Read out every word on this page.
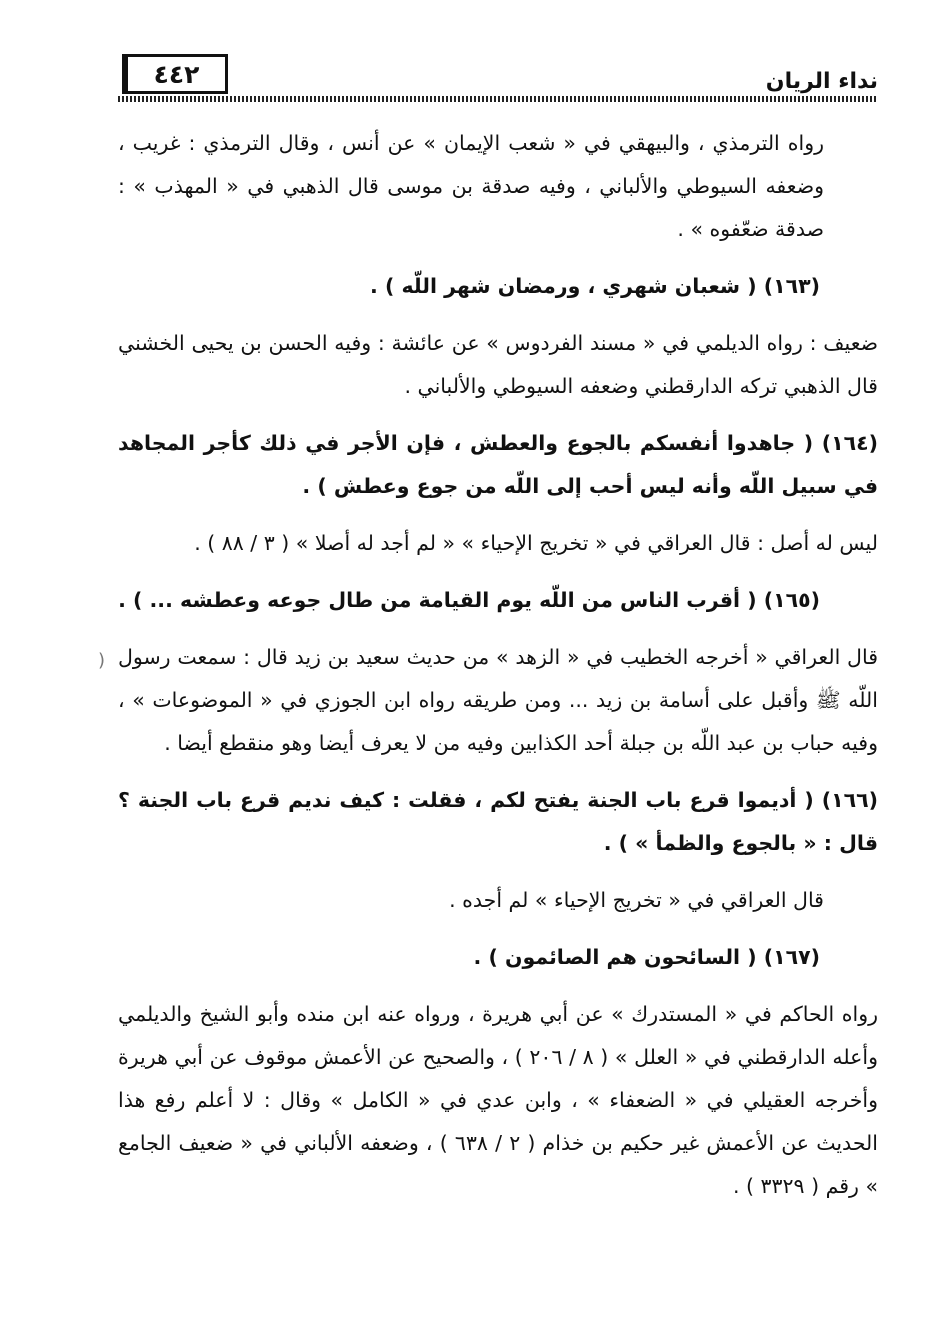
نداء الريان
٤٤٢

رواه الترمذي ، والبيهقي في « شعب الإيمان » عن أنس ، وقال الترمذي : غريب ، وضعفه السيوطي والألباني ، وفيه صدقة بن موسى قال الذهبي في « المهذب » : صدقة ضعّفوه » .

(١٦٣) ( شعبان شهري ، ورمضان شهر اللّه ) .

ضعيف : رواه الديلمي في « مسند الفردوس » عن عائشة : وفيه الحسن بن يحيى الخشني قال الذهبي تركه الدارقطني وضعفه السيوطي والألباني .

(١٦٤) ( جاهدوا أنفسكم بالجوع والعطش ، فإن الأجر في ذلك كأجر المجاهد في سبيل اللّه وأنه ليس أحب إلى اللّه من جوع وعطش ) .

ليس له أصل : قال العراقي في « تخريج الإحياء » « لم أجد له أصلا » ( ٣ / ٨٨ ) .

(١٦٥) ( أقرب الناس من اللّه يوم القيامة من طال جوعه وعطشه ... ) .

قال العراقي « أخرجه الخطيب في « الزهد » من حديث سعيد بن زيد قال : سمعت رسول اللّه ﷺ وأقبل على أسامة بن زيد ... ومن طريقه رواه ابن الجوزي في « الموضوعات » ، وفيه حباب بن عبد اللّه بن جبلة أحد الكذابين وفيه من لا يعرف أيضا وهو منقطع أيضا .

(١٦٦) ( أديموا قرع باب الجنة يفتح لكم ، فقلت : كيف نديم قرع باب الجنة ؟ قال : « بالجوع والظمأ » ) .

قال العراقي في « تخريج الإحياء » لم أجده .

(١٦٧) ( السائحون هم الصائمون ) .

رواه الحاكم في « المستدرك » عن أبي هريرة ، ورواه عنه ابن منده وأبو الشيخ والديلمي وأعله الدارقطني في « العلل » ( ٨ / ٢٠٦ ) ، والصحيح عن الأعمش موقوف عن أبي هريرة وأخرجه العقيلي في « الضعفاء » ، وابن عدي في « الكامل » وقال : لا أعلم رفع هذا الحديث عن الأعمش غير حكيم بن خذام ( ٢ / ٦٣٨ ) ، وضعفه الألباني في « ضعيف الجامع » رقم ( ٣٣٢٩ ) .

(
